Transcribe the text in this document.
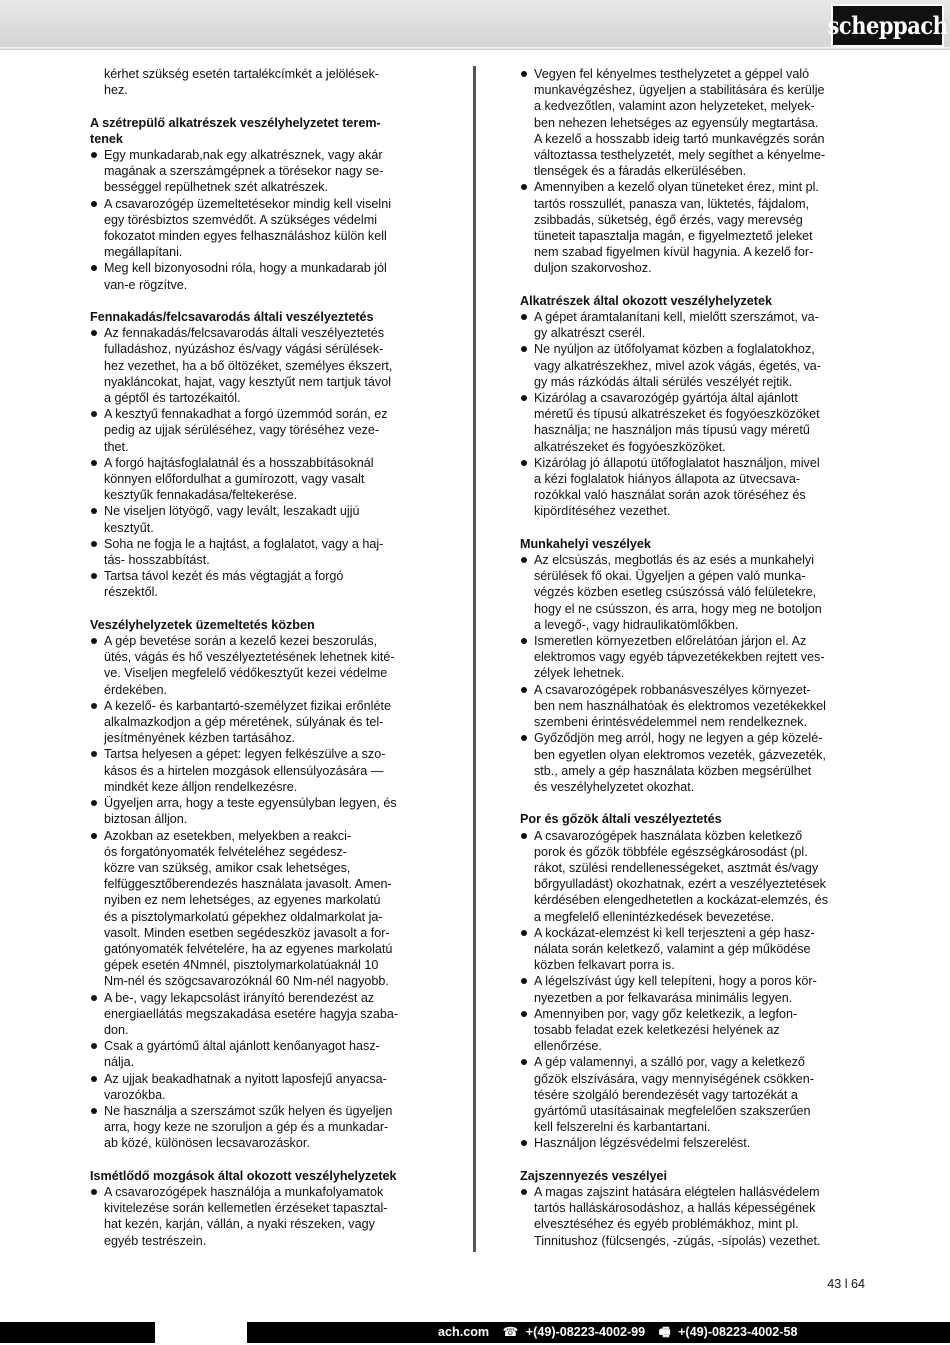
scheppach
kérhet szükség esetén tartalékcímkét a jelölések-
hez.
A szétrepülő alkatrészek veszélyhelyzetet terem-
tenek
Egy munkadarab,nak egy alkatrésznek, vagy akár
magának a szerszámgépnek a törésekor nagy se-
bességgel repülhetnek szét alkatrészek.
A csavarozógép üzemeltetésekor mindig kell viselni
egy törésbiztos szemvédőt. A szükséges védelmi
fokozatot minden egyes felhasználáshoz külön kell
megállapítani.
Meg kell bizonyosodni róla, hogy a munkadarab jól
van-e rögzítve.
Fennakadás/felcsavarodás általi veszélyeztetés
Az fennakadás/felcsavarodás általi veszélyeztetés
fulladáshoz, nyúzáshoz és/vagy vágási sérülések-
hez vezethet, ha a bő öltözéket, személyes ékszert,
nyakláncokat, hajat, vagy kesztyűt nem tartjuk távol
a géptől és tartozékaitól.
A kesztyű fennakadhat a forgó üzemmód során, ez
pedig az ujjak sérüléséhez, vagy töréséhez veze-
thet.
A forgó hajtásfoglalatnál és a hosszabbításoknál
könnyen előfordulhat a gumírozott, vagy vasalt
kesztyűk fennakadása/feltekerése.
Ne viseljen lötyögő, vagy levált, leszakadt ujjú
kesztyűt.
Soha ne fogja le a hajtást, a foglalatot, vagy a haj-
tás- hosszabbítást.
Tartsa távol kezét és más végtagját a forgó
részektől.
Veszélyhelyzetek üzemeltetés közben
A gép bevetése során a kezelő kezei beszorulás,
ütés, vágás és hő veszélyeztetésének lehetnek kité-
ve. Viseljen megfelelő védőkesztyűt kezei védelme
érdekében.
A kezelő- és karbantartó-személyzet fizikai erőnléte
alkalmazkodjon a gép méretének, súlyának és tel-
jesítményének kézben tartásához.
Tartsa helyesen a gépet: legyen felkészülve a szo-
kásos és a hirtelen mozgások ellensúlyozására —
mindkét keze álljon rendelkezésre.
Ügyeljen arra, hogy a teste egyensúlyban legyen, és
biztosan álljon.
Azokban az esetekben, melyekben a reakci-
ós forgatónyomaték felvételéhez segédesz-
közre van szükség, amikor csak lehetséges,
felfüggesztőberendezés használata javasolt. Amen-
nyiben ez nem lehetséges, az egyenes markolatú
és a pisztolymarkolatú gépekhez oldalmarkolat ja-
vasolt. Minden esetben segédeszköz javasolt a for-
gatónyomaték felvételére, ha az egyenes markolatú
gépek esetén 4Nmnél, pisztolymarkolatúaknál 10
Nm-nél és szögcsavarozóknál 60 Nm-nél nagyobb.
A be-, vagy lekapcsolást irányító berendezést az
energiaellátás megszakadása esetére hagyja szaba-
don.
Csak a gyártómű által ajánlott kenőanyagot hasz-
nálja.
Az ujjak beakadhatnak a nyitott laposfejű anyacsa-
varozókba.
Ne használja a szerszámot szűk helyen és ügyeljen
arra, hogy keze ne szoruljon a gép és a munkadar-
ab közé, különösen lecsavarozáskor.
Ismétlődő mozgások által okozott veszélyhelyzetek
A csavarozógépek használója a munkafolyamatok
kivitelezése során kellemetlen érzéseket tapasztal-
hat kezén, karján, vállán, a nyaki részeken, vagy
egyéb testrészein.
Vegyen fel kényelmes testhelyzetet a géppel való
munkavégzéshez, ügyeljen a stabilitására és kerülje
a kedvezőtlen, valamint azon helyzeteket, melyek-
ben nehezen lehetséges az egyensúly megtartása.
A kezelő a hosszabb ideig tartó munkavégzés során
változtassa testhelyzetét, mely segíthet a kényelme-
tlenségek és a fáradás elkerülésében.
Amennyiben a kezelő olyan tüneteket érez, mint pl.
tartós rosszullét, panasza van, lüktetés, fájdalom,
zsibbadás, süketség, égő érzés, vagy merevség
tüneteit tapasztalja magán, e figyelmeztető jeleket
nem szabad figyelmen kívül hagynia. A kezelő for-
duljon szakorvoshoz.
Alkatrészek által okozott veszélyhelyzetek
A gépet áramtalanítani kell, mielőtt szerszámot, va-
gy alkatrészt cserél.
Ne nyúljon az ütőfolyamat közben a foglalatokhoz,
vagy alkatrészekhez, mivel azok vágás, égetés, va-
gy más rázkódás általi sérülés veszélyét rejtik.
Kizárólag a csavarozógép gyártója által ajánlott
méretű és típusú alkatrészeket és fogyóeszközöket
használja; ne használjon más típusú vagy méretű
alkatrészeket és fogyóeszközöket.
Kizárólag jó állapotú ütőfoglalatot használjon, mivel
a kézi foglalatok hiányos állapota az ütvecsava-
rozókkal való használat során azok töréséhez és
kipördítéséhez vezethet.
Munkahelyi veszélyek
Az elcsúszás, megbotlás és az esés a munkahelyi
sérülések fő okai. Ügyeljen a gépen való munka-
végzés közben esetleg csúszóssá váló felületekre,
hogy el ne csússzon, és arra, hogy meg ne botoljon
a levegő-, vagy hidraulikatömlőkben.
Ismeretlen környezetben előrelátóan járjon el. Az
elektromos vagy egyéb tápvezetékekben rejtett ves-
zélyek lehetnek.
A csavarozógépek robbanásveszélyes környezet-
ben nem használhatóak és elektromos vezetékekkel
szembeni érintésvédelemmel nem rendelkeznek.
Győződjön meg arról, hogy ne legyen a gép közelé-
ben egyetlen olyan elektromos vezeték, gázvezeték,
stb., amely a gép használata közben megsérülhet
és veszélyhelyzetet okozhat.
Por és gőzök általi veszélyeztetés
A csavarozógépek használata közben keletkező
porok és gőzök többféle egészségkárosodást (pl.
rákot, szülési rendellenességeket, asztmát és/vagy
bőrgyulladást) okozhatnak, ezért a veszélyeztetések
kérdésében elengedhetetlen a kockázat-elemzés, és
a megfelelő ellenintézkedések bevezetése.
A kockázat-elemzést ki kell terjeszteni a gép hasz-
nálata során keletkező, valamint a gép működése
közben felkavart porra is.
A légelszívást úgy kell telepíteni, hogy a poros kör-
nyezetben a por felkavarása minimális legyen.
Amennyiben por, vagy gőz keletkezik, a legfon-
tosabb feladat ezek keletkezési helyének az
ellenőrzése.
A gép valamennyi, a szálló por, vagy a keletkező
gőzök elszívására, vagy mennyiségének csökken-
tésére szolgáló berendezését vagy tartozékát a
gyártómű utasításainak megfelelően szakszerűen
kell felszerelni és karbantartani.
Használjon légzésvédelmi felszerelést.
Zajszennyezés veszélyei
A magas zajszint hatására elégtelen hallásvédelem
tartós halláskárosodáshoz, a hallás képességének
elvesztéséhez és egyéb problémákhoz, mint pl.
Tinnitushoz (fülcsengés, -zúgás, -sípolás) vezethet.
43 l 64
ach.com ☎ +(49)-08223-4002-99 🖷 +(49)-08223-4002-58
